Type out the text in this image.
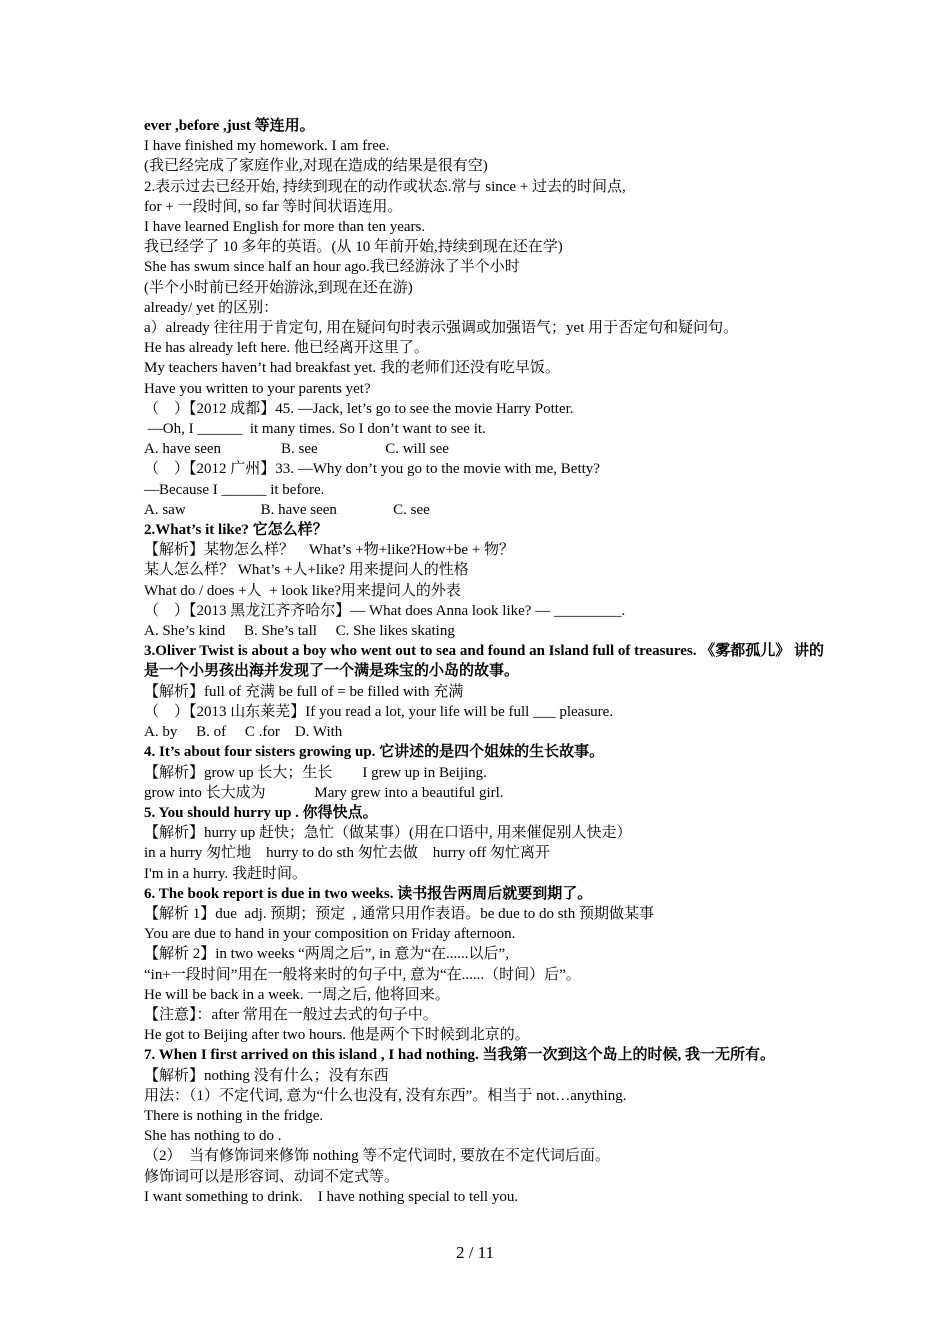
ever ,before ,just 等连用。

I have finished my homework. I am free.

(我已经完成了家庭作业,对现在造成的结果是很有空)

2.表示过去已经开始, 持续到现在的动作或状态.常与 since + 过去的时间点,

for + 一段时间, so far 等时间状语连用。

I have learned English for more than ten years.

我已经学了 10 多年的英语。(从 10 年前开始,持续到现在还在学)

She has swum since half an hour ago.我已经游泳了半个小时

(半个小时前已经开始游泳,到现在还在游)

already/ yet 的区别：

a）already 往往用于肯定句, 用在疑问句时表示强调或加强语气；yet 用于否定句和疑问句。

He has already left here. 他已经离开这里了。

My teachers haven’t had breakfast yet. 我的老师们还没有吃早饭。

Have you written to your parents yet?

（　）【2012 成都】45. —Jack, let’s go to see the movie Harry Potter.

—Oh, I ______  it many times. So I don’t want to see it.

A. have seen                B. see                  C. will see

（　）【2012 广州】33. —Why don’t you go to the movie with me, Betty?

—Because I ______ it before.

A. saw                    B. have seen               C. see

2.What’s it like? 它怎么样？

【解析】某物怎么样？　What’s +物+like?How+be + 物？

某人怎么样？ What’s +人+like? 用来提问人的性格

What do / does +人  + look like?用来提问人的外表

（　）【2013 黑龙江齐齐哈尔】— What does Anna look like? — _________.

A. She’s kind     B. She’s tall     C. She likes skating

3.Oliver Twist is about a boy who went out to sea and found an Island full of treasures. 《雾都孤儿》 讲的是一个小男孩出海并发现了一个满是珠宝的小岛的故事。

【解析】full of 充满 be full of = be filled with 充满

（　）【2013 山东莱芜】If you read a lot, your life will be full ___ pleasure.

A. by     B. of     C .for    D. With

4. It’s about four sisters growing up. 它讲述的是四个姐妹的生长故事。

【解析】grow up 长大；生长　　I grew up in Beijing.

grow into 长大成为             Mary grew into a beautiful girl.

5. You should hurry up . 你得快点。

【解析】hurry up 赶快；急忙（做某事）(用在口语中, 用来催促别人快走）

in a hurry 匆忙地　hurry to do sth 匆忙去做　hurry off 匆忙离开

I'm in a hurry. 我赶时间。

6. The book report is due in two weeks. 读书报告两周后就要到期了。

【解析 1】due  adj. 预期；预定  , 通常只用作表语。be due to do sth 预期做某事

You are due to hand in your composition on Friday afternoon.

【解析 2】in two weeks “两周之后”, in 意为“在......以后”,

“in+一段时间”用在一般将来时的句子中, 意为“在......（时间）后”。

He will be back in a week. 一周之后, 他将回来。

【注意】：after 常用在一般过去式的句子中。

He got to Beijing after two hours. 他是两个下时候到北京的。

7. When I first arrived on this island , I had nothing. 当我第一次到这个岛上的时候, 我一无所有。

【解析】nothing 没有什么；没有东西

用法：（1）不定代词, 意为“什么也没有, 没有东西”。相当于 not…anything.

There is nothing in the fridge.

She has nothing to do .

（2）  当有修饰词来修饰 nothing 等不定代词时, 要放在不定代词后面。

修饰词可以是形容词、动词不定式等。

I want something to drink.    I have nothing special to tell you.

2 / 11
